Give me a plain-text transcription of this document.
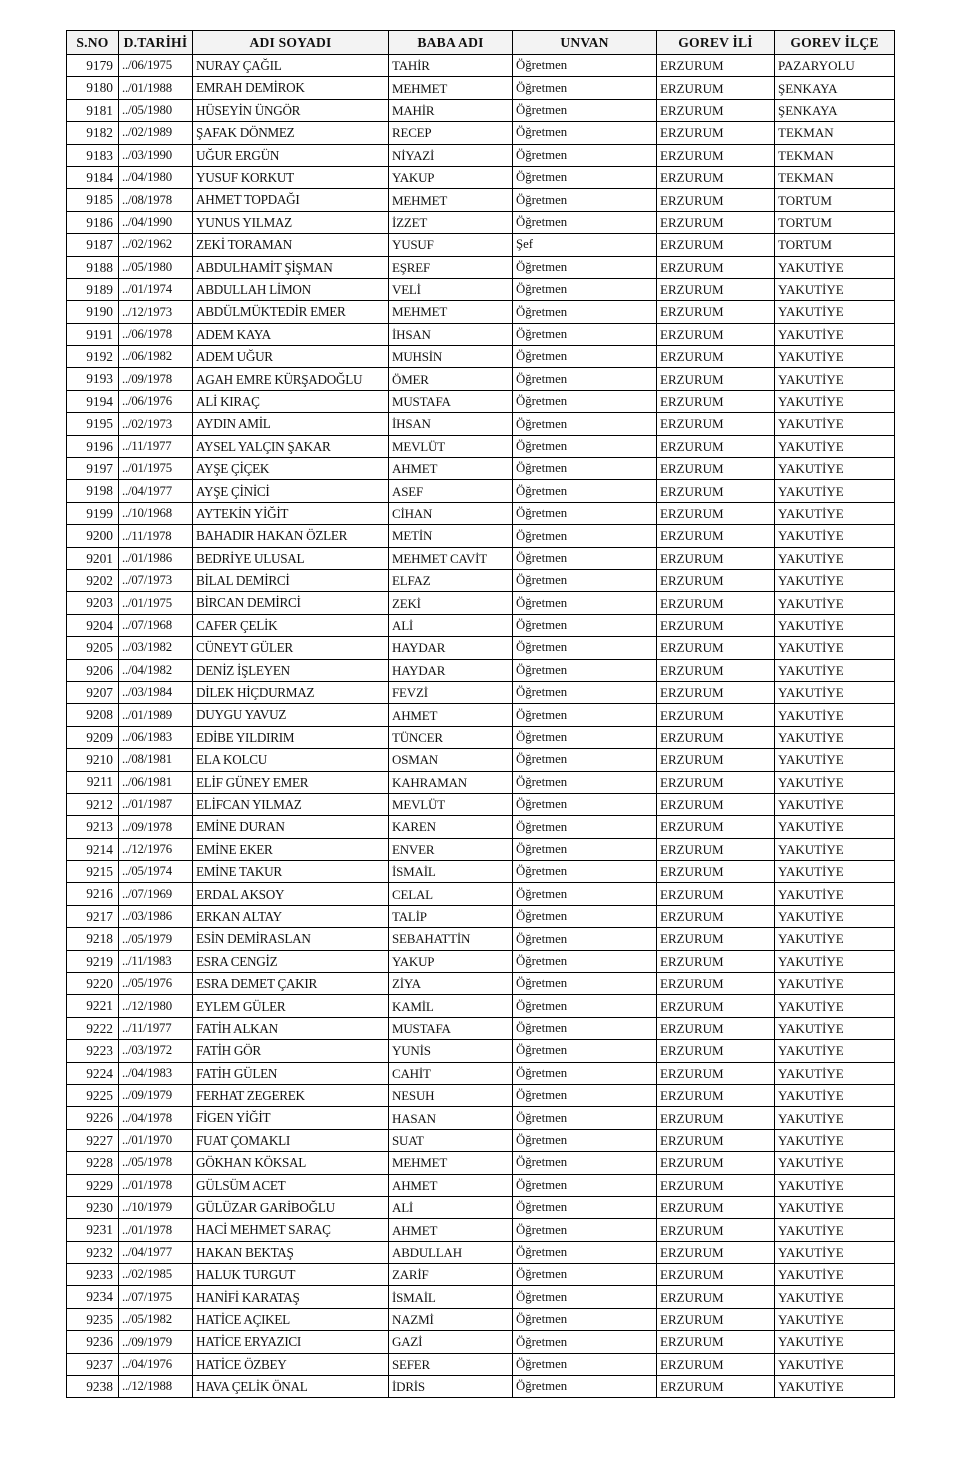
S.NO	D.TARİHİ	ADI SOYADI	BABA ADI	UNVAN	GOREV İLİ	GOREV İLÇE
9179	../06/1975	NURAY ÇAĞIL	TAHİR	Öğretmen	ERZURUM	PAZARYOLU
9180	../01/1988	EMRAH DEMİROK	MEHMET	Öğretmen	ERZURUM	ŞENKAYA
9181	../05/1980	HÜSEYİN ÜNGÖR	MAHİR	Öğretmen	ERZURUM	ŞENKAYA
9182	../02/1989	ŞAFAK DÖNMEZ	RECEP	Öğretmen	ERZURUM	TEKMAN
9183	../03/1990	UĞUR ERGÜN	NİYAZİ	Öğretmen	ERZURUM	TEKMAN
9184	../04/1980	YUSUF KORKUT	YAKUP	Öğretmen	ERZURUM	TEKMAN
9185	../08/1978	AHMET TOPDAĞI	MEHMET	Öğretmen	ERZURUM	TORTUM
9186	../04/1990	YUNUS YILMAZ	İZZET	Öğretmen	ERZURUM	TORTUM
9187	../02/1962	ZEKİ TORAMAN	YUSUF	Şef	ERZURUM	TORTUM
9188	../05/1980	ABDULHAMİT ŞİŞMAN	EŞREF	Öğretmen	ERZURUM	YAKUTİYE
9189	../01/1974	ABDULLAH LİMON	VELİ	Öğretmen	ERZURUM	YAKUTİYE
9190	../12/1973	ABDÜLMÜKTEDİR EMER	MEHMET	Öğretmen	ERZURUM	YAKUTİYE
9191	../06/1978	ADEM KAYA	İHSAN	Öğretmen	ERZURUM	YAKUTİYE
9192	../06/1982	ADEM UĞUR	MUHSİN	Öğretmen	ERZURUM	YAKUTİYE
9193	../09/1978	AGAH EMRE KÜRŞADOĞLU	ÖMER	Öğretmen	ERZURUM	YAKUTİYE
9194	../06/1976	ALİ KIRAÇ	MUSTAFA	Öğretmen	ERZURUM	YAKUTİYE
9195	../02/1973	AYDIN AMİL	İHSAN	Öğretmen	ERZURUM	YAKUTİYE
9196	../11/1977	AYSEL YALÇIN ŞAKAR	MEVLÜT	Öğretmen	ERZURUM	YAKUTİYE
9197	../01/1975	AYŞE ÇİÇEK	AHMET	Öğretmen	ERZURUM	YAKUTİYE
9198	../04/1977	AYŞE ÇİNİCİ	ASEF	Öğretmen	ERZURUM	YAKUTİYE
9199	../10/1968	AYTEKİN YİĞİT	CİHAN	Öğretmen	ERZURUM	YAKUTİYE
9200	../11/1978	BAHADIR HAKAN ÖZLER	METİN	Öğretmen	ERZURUM	YAKUTİYE
9201	../01/1986	BEDRİYE ULUSAL	MEHMET CAVİT	Öğretmen	ERZURUM	YAKUTİYE
9202	../07/1973	BİLAL DEMİRCİ	ELFAZ	Öğretmen	ERZURUM	YAKUTİYE
9203	../01/1975	BİRCAN DEMİRCİ	ZEKİ	Öğretmen	ERZURUM	YAKUTİYE
9204	../07/1968	CAFER ÇELİK	ALİ	Öğretmen	ERZURUM	YAKUTİYE
9205	../03/1982	CÜNEYT GÜLER	HAYDAR	Öğretmen	ERZURUM	YAKUTİYE
9206	../04/1982	DENİZ İŞLEYEN	HAYDAR	Öğretmen	ERZURUM	YAKUTİYE
9207	../03/1984	DİLEK HİÇDURMAZ	FEVZİ	Öğretmen	ERZURUM	YAKUTİYE
9208	../01/1989	DUYGU YAVUZ	AHMET	Öğretmen	ERZURUM	YAKUTİYE
9209	../06/1983	EDİBE YILDIRIM	TÜNCER	Öğretmen	ERZURUM	YAKUTİYE
9210	../08/1981	ELA KOLCU	OSMAN	Öğretmen	ERZURUM	YAKUTİYE
9211	../06/1981	ELİF GÜNEY EMER	KAHRAMAN	Öğretmen	ERZURUM	YAKUTİYE
9212	../01/1987	ELİFCAN YILMAZ	MEVLÜT	Öğretmen	ERZURUM	YAKUTİYE
9213	../09/1978	EMİNE DURAN	KAREN	Öğretmen	ERZURUM	YAKUTİYE
9214	../12/1976	EMİNE EKER	ENVER	Öğretmen	ERZURUM	YAKUTİYE
9215	../05/1974	EMİNE TAKUR	İSMAİL	Öğretmen	ERZURUM	YAKUTİYE
9216	../07/1969	ERDAL AKSOY	CELAL	Öğretmen	ERZURUM	YAKUTİYE
9217	../03/1986	ERKAN ALTAY	TALİP	Öğretmen	ERZURUM	YAKUTİYE
9218	../05/1979	ESİN DEMİRASLAN	SEBAHATTİN	Öğretmen	ERZURUM	YAKUTİYE
9219	../11/1983	ESRA CENGİZ	YAKUP	Öğretmen	ERZURUM	YAKUTİYE
9220	../05/1976	ESRA DEMET ÇAKIR	ZİYA	Öğretmen	ERZURUM	YAKUTİYE
9221	../12/1980	EYLEM GÜLER	KAMİL	Öğretmen	ERZURUM	YAKUTİYE
9222	../11/1977	FATİH ALKAN	MUSTAFA	Öğretmen	ERZURUM	YAKUTİYE
9223	../03/1972	FATİH GÖR	YUNİS	Öğretmen	ERZURUM	YAKUTİYE
9224	../04/1983	FATİH GÜLEN	CAHİT	Öğretmen	ERZURUM	YAKUTİYE
9225	../09/1979	FERHAT ZEGEREK	NESUH	Öğretmen	ERZURUM	YAKUTİYE
9226	../04/1978	FİGEN YİĞİT	HASAN	Öğretmen	ERZURUM	YAKUTİYE
9227	../01/1970	FUAT ÇOMAKLI	SUAT	Öğretmen	ERZURUM	YAKUTİYE
9228	../05/1978	GÖKHAN KÖKSAL	MEHMET	Öğretmen	ERZURUM	YAKUTİYE
9229	../01/1978	GÜLSÜM ACET	AHMET	Öğretmen	ERZURUM	YAKUTİYE
9230	../10/1979	GÜLÜZAR GARİBOĞLU	ALİ	Öğretmen	ERZURUM	YAKUTİYE
9231	../01/1978	HACİ MEHMET SARAÇ	AHMET	Öğretmen	ERZURUM	YAKUTİYE
9232	../04/1977	HAKAN BEKTAŞ	ABDULLAH	Öğretmen	ERZURUM	YAKUTİYE
9233	../02/1985	HALUK TURGUT	ZARİF	Öğretmen	ERZURUM	YAKUTİYE
9234	../07/1975	HANİFİ KARATAŞ	İSMAİL	Öğretmen	ERZURUM	YAKUTİYE
9235	../05/1982	HATİCE AÇIKEL	NAZMİ	Öğretmen	ERZURUM	YAKUTİYE
9236	../09/1979	HATİCE ERYAZICI	GAZİ	Öğretmen	ERZURUM	YAKUTİYE
9237	../04/1976	HATİCE ÖZBEY	SEFER	Öğretmen	ERZURUM	YAKUTİYE
9238	../12/1988	HAVA ÇELİK ÖNAL	İDRİS	Öğretmen	ERZURUM	YAKUTİYE
